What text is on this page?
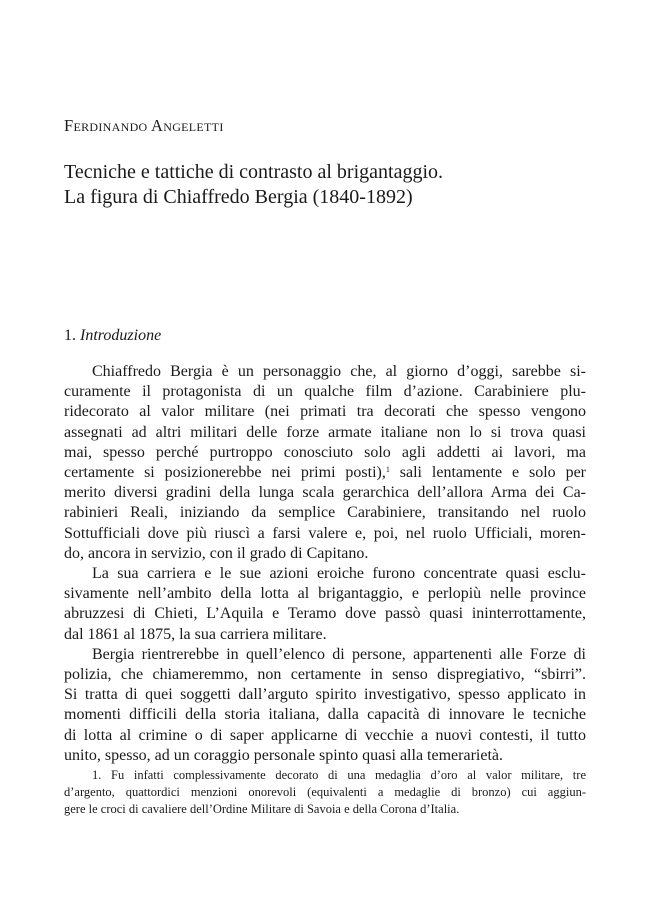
Ferdinando Angeletti
Tecniche e tattiche di contrasto al brigantaggio.
La figura di Chiaffredo Bergia (1840-1892)
1. Introduzione
Chiaffredo Bergia è un personaggio che, al giorno d’oggi, sarebbe si-
curamente il protagonista di un qualche film d’azione. Carabiniere plu-
ridecorato al valor militare (nei primati tra decorati che spesso vengono
assegnati ad altri militari delle forze armate italiane non lo si trova quasi
mai, spesso perché purtroppo conosciuto solo agli addetti ai lavori, ma
certamente si posizionerebbe nei primi posti),$^1$ sali lentamente e solo per
merito diversi gradini della lunga scala gerarchica dell’allora Arma dei Ca-
rabinieri Reali, iniziando da semplice Carabiniere, transitando nel ruolo
Sottufficiali dove più riuscì a farsi valere e, poi, nel ruolo Ufficiali, moren-
do, ancora in servizio, con il grado di Capitano.
La sua carriera e le sue azioni eroiche furono concentrate quasi esclu-
sivamente nell’ambito della lotta al brigantaggio, e perlopiù nelle province
abruzzesi di Chieti, L’Aquila e Teramo dove passò quasi ininterrottamente,
dal 1861 al 1875, la sua carriera militare.
Bergia rientrerebbe in quell’elenco di persone, appartenenti alle Forze di
polizia, che chiameremmo, non certamente in senso dispregiativo, “sbirri”.
Si tratta di quei soggetti dall’arguto spirito investigativo, spesso applicato in
momenti difficili della storia italiana, dalla capacità di innovare le tecniche
di lotta al crimine o di saper applicarne di vecchie a nuovi contesti, il tutto
unito, spesso, ad un coraggio personale spinto quasi alla temerarietà.
1. Fu infatti complessivamente decorato di una medaglia d’oro al valor militare, tre
d’argento, quattordici menzioni onorevoli (equivalenti a medaglie di bronzo) cui aggiun-
gere le croci di cavaliere dell’Ordine Militare di Savoia e della Corona d’Italia.
